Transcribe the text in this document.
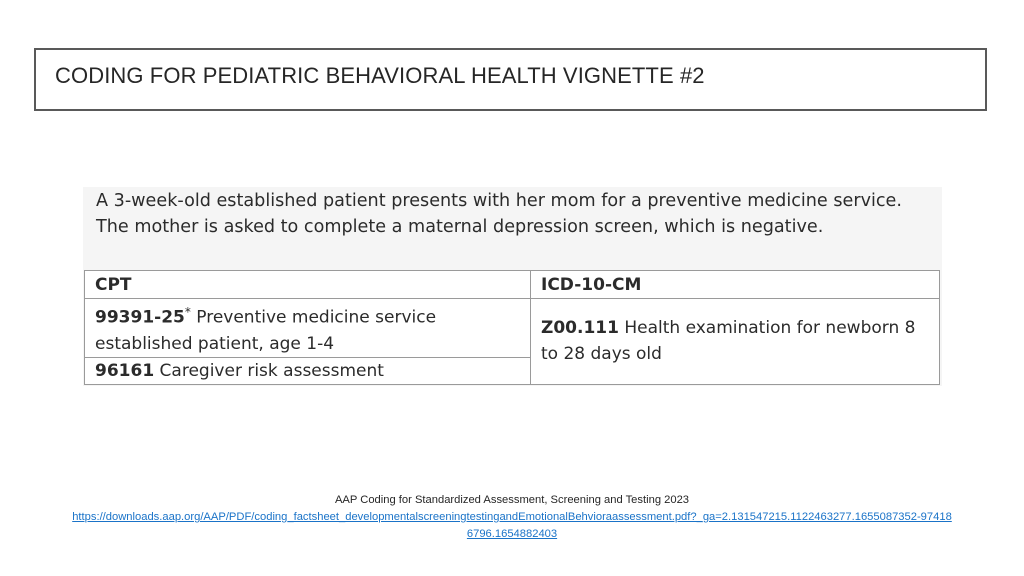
CODING FOR PEDIATRIC BEHAVIORAL HEALTH VIGNETTE #2
A 3-week-old established patient presents with her mom for a preventive medicine service. The mother is asked to complete a maternal depression screen, which is negative.
CPT	ICD-10-CM
99391-25* Preventive medicine service established patient, age 1-4	Z00.111 Health examination for newborn 8 to 28 days old
96161 Caregiver risk assessment	
AAP Coding for Standardized Assessment, Screening and Testing 2023
https://downloads.aap.org/AAP/PDF/coding_factsheet_developmentalscreeningtestingandEmotionalBehvioraassessment.pdf?_ga=2.131547215.1122463277.1655087352-974186796.1654882403
